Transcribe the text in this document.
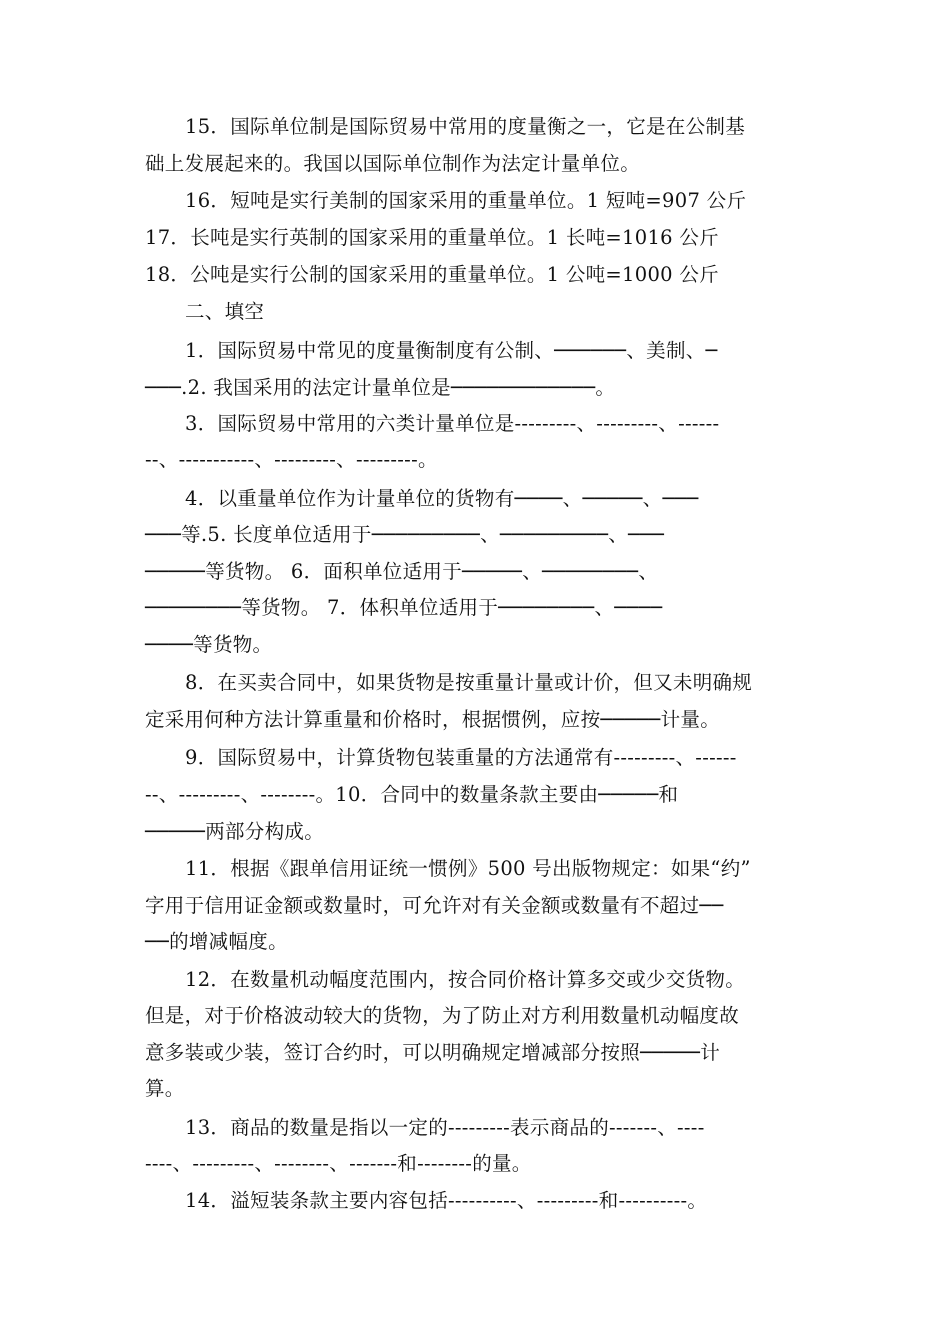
15．国际单位制是国际贸易中常用的度量衡之一，它是在公制基
础上发展起来的。我国以国际单位制作为法定计量单位。
16．短吨是实行美制的国家采用的重量单位。1 短吨=907 公斤
17．长吨是实行英制的国家采用的重量单位。1 长吨=1016 公斤
18．公吨是实行公制的国家采用的重量单位。1 公吨=1000 公斤
二、填空
1．国际贸易中常见的度量衡制度有公制、──────、美制、─
───.2. 我国采用的法定计量单位是────────────。
3．国际贸易中常用的六类计量单位是---------、---------、------
--、-----------、---------、---------。
4．以重量单位作为计量单位的货物有────、─────、───
───等.5. 长度单位适用于─────────、─────────、───
─────等货物。 6．面积单位适用于─────、────────、
────────等货物。 7．体积单位适用于────────、────
────等货物。
8．在买卖合同中，如果货物是按重量计量或计价，但又未明确规
定采用何种方法计算重量和价格时，根据惯例，应按─────计量。
9．国际贸易中，计算货物包装重量的方法通常有---------、------
--、---------、--------。10．合同中的数量条款主要由─────和
─────两部分构成。
11．根据《跟单信用证统一惯例》500 号出版物规定：如果“约”
字用于信用证金额或数量时，可允许对有关金额或数量有不超过──
──的增减幅度。
12．在数量机动幅度范围内，按合同价格计算多交或少交货物。
但是，对于价格波动较大的货物，为了防止对方利用数量机动幅度故
意多装或少装，签订合约时，可以明确规定增减部分按照─────计
算。
13．商品的数量是指以一定的---------表示商品的-------、----
----、---------、--------、-------和--------的量。
14．溢短装条款主要内容包括----------、---------和----------。
